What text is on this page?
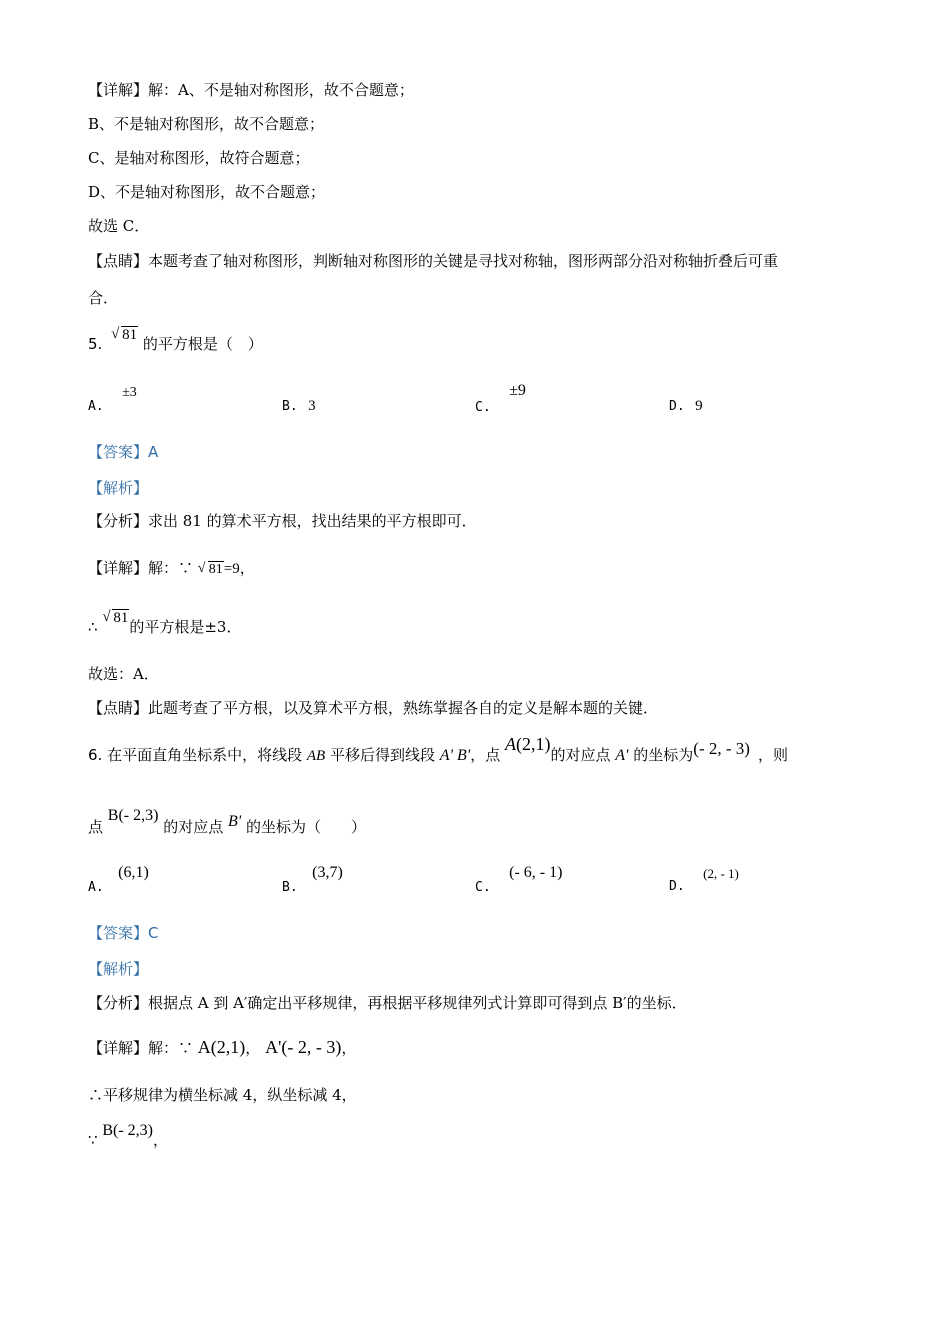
【详解】解：A、不是轴对称图形，故不合题意；
B、不是轴对称图形，故不合题意；
C、是轴对称图形，故符合题意；
D、不是轴对称图形，故不合题意；
故选 C．
【点睛】本题考查了轴对称图形，判断轴对称图形的关键是寻找对称轴，图形两部分沿对称轴折叠后可重
合．
5.
√ 81 的平方根是（　）
A. ±3
B. 3	C. ±9
D. 9
【答案】A
【解析】
【分析】求出 81 的算术平方根，找出结果的平方根即可．
【详解】解：∵ √ 81=9，
∴
√ 81的平方根是±3．
故选：A．
【点睛】此题考查了平方根，以及算术平方根，熟练掌握各自的定义是解本题的关键．
6. 在平面直角坐标系中，将线段 AB 平移后得到线段 A' B'，点 A(2,1)的对应点 A' 的坐标为(- 2, - 3) ，则
点 B(- 2,3) 的对应点 B' 的坐标为（　　）
A. (6,1)
B. (3,7)
C. (- 6, - 1)
D. (2, - 1)
【答案】C
【解析】
【分析】根据点 A 到 A′确定出平移规律，再根据平移规律列式计算即可得到点 B′的坐标．
【详解】解：∵ A(2,1)， A'(- 2, - 3)，
∴平移规律为横坐标减 4，纵坐标减 4，
∵ B(- 2,3)，
